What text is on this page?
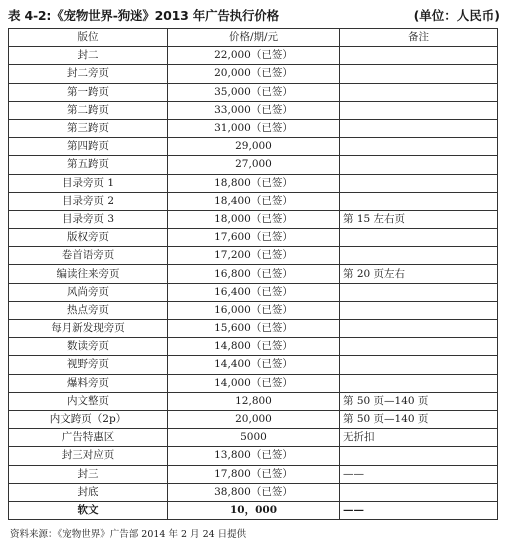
表 4-2:《宠物世界-狗迷》2013 年广告执行价格	(单位：人民币)
版位	价格/期/元	备注
封二	22,000（已签）	
封二旁页	20,000（已签）	
第一跨页	35,000（已签）	
第二跨页	33,000（已签）	
第三跨页	31,000（已签）	
第四跨页	29,000	
第五跨页	27,000	
目录旁页 1	18,800（已签）	
目录旁页 2	18,400（已签）	
目录旁页 3	18,000（已签）	第 15 左右页
版权旁页	17,600（已签）	
卷首语旁页	17,200（已签）	
编读往来旁页	16,800（已签）	第 20 页左右
风尚旁页	16,400（已签）	
热点旁页	16,000（已签）	
每月新发现旁页	15,600（已签）	
数读旁页	14,800（已签）	
视野旁页	14,400（已签）	
爆料旁页	14,000（已签）	
内文整页	12,800	第 50 页—140 页
内文跨页（2p）	20,000	第 50 页—140 页
广告特惠区	5000	无折扣
封三对应页	13,800（已签）	
封三	17,800（已签）	——
封底	38,800（已签）	
软文	10，000	——
资料来源：《宠物世界》广告部 2014 年 2 月 24 日提供
